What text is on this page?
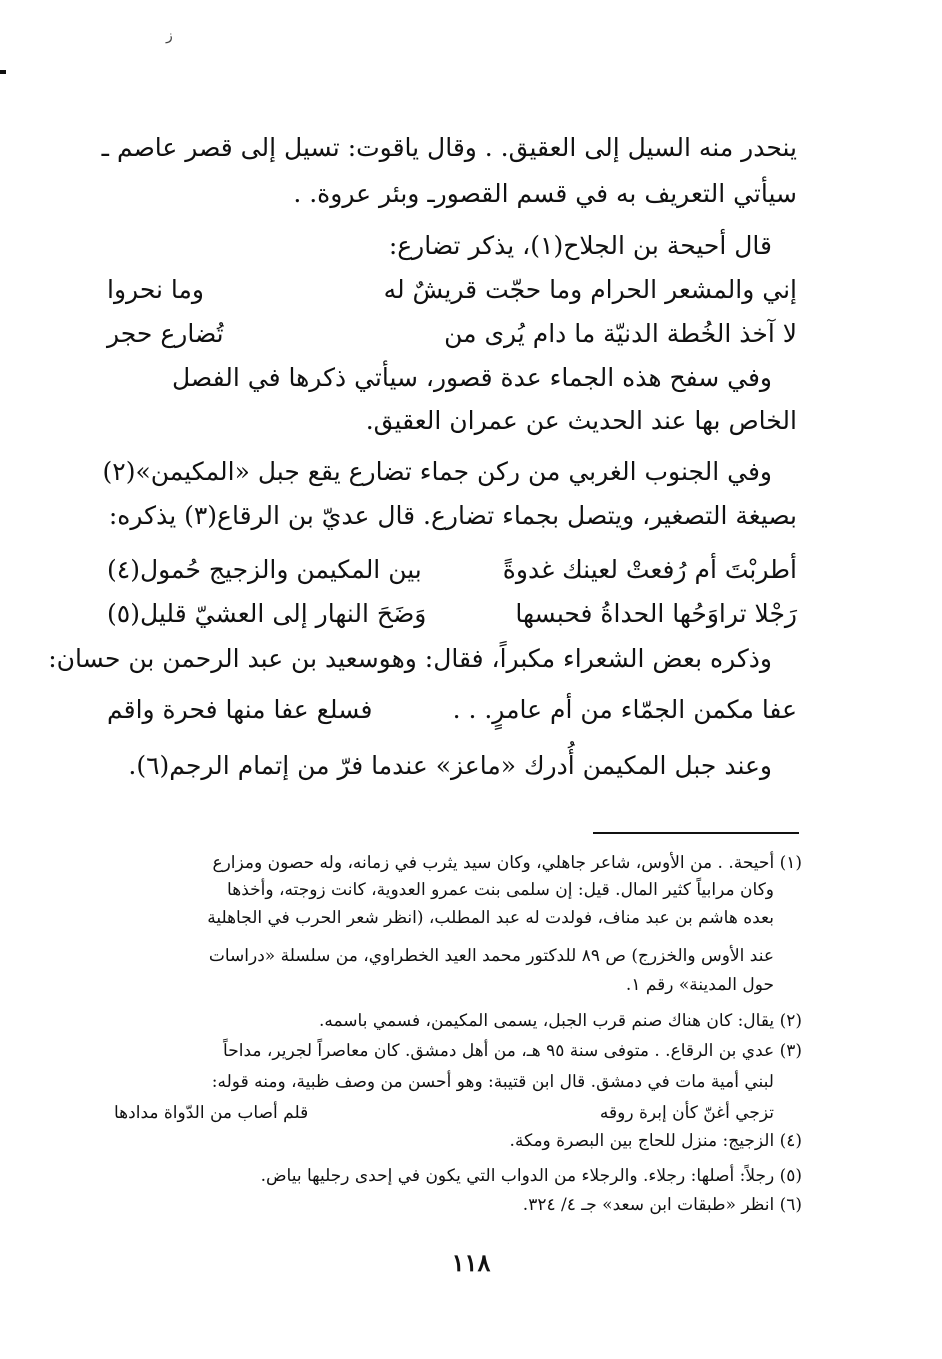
ز
ينحدر منه السيل إلى العقيق. . وقال ياقوت: تسيل إلى قصر عاصم ـ
سيأتي التعريف به في قسم القصورـ وبئر عروة. .
قال أحيحة بن الجلاح(١)، يذكر تضارع:
إني والمشعر الحرام وما حجّت قريشٌ له
وما نحروا
لا آخذ الخُطة الدنيّة ما دام يُرى من
تُضارع حجر
وفي سفح هذه الجماء عدة قصور، سيأتي ذكرها في الفصل
الخاص بها عند الحديث عن عمران العقيق.
وفي الجنوب الغربي من ركن جماء تضارع يقع جبل «المكيمن»(٢)
بصيغة التصغير، ويتصل بجماء تضارع. قال عديّ بن الرقاع(٣) يذكره:
أطربْتَ أم رُفعتْ لعينك غدوةً
بين المكيمن والزجيج حُمول(٤)
رَجْلا تراوَحُها الحداةُ فحبسها
وَضَحَ النهار إلى العشيّ قليل(٥)
وذكره بعض الشعراء مكبراً، فقال: وهوسعيد بن عبد الرحمن بن حسان:
عفا مكمن الجمّاء من أم عامرٍ. . .
فسلع عفا منها فحرة واقم
وعند جبل المكيمن أُدرك «ماعز» عندما فرّ من إتمام الرجم(٦).
(١) أحيحة. . من الأوس، شاعر جاهلي، وكان سيد يثرب في زمانه، وله حصون ومزارع
وكان مرابياً كثير المال. قيل: إن سلمى بنت عمرو العدوية، كانت زوجته، وأخذها
بعده هاشم بن عبد مناف، فولدت له عبد المطلب، (انظر شعر الحرب في الجاهلية
عند الأوس والخزرج) ص ٨٩ للدكتور محمد العيد الخطراوي، من سلسلة «دراسات
حول المدينة» رقم ١.
(٢) يقال: كان هناك صنم قرب الجبل، يسمى المكيمن، فسمي باسمه.
(٣) عدي بن الرقاع. . متوفى سنة ٩٥ هـ، من أهل دمشق. كان معاصراً لجرير، مداحاً
لبني أمية مات في دمشق. قال ابن قتيبة: وهو أحسن من وصف ظبية، ومنه قوله:
تزجي أغنّ كأن إبرة روقه
قلم أصاب من الدّواة مدادها
(٤) الزجيج: منزل للحاج بين البصرة ومكة.
(٥) رجلاً: أصلها: رجلاء. والرجلاء من الدواب التي يكون في إحدى رجليها بياض.
(٦) انظر «طبقات ابن سعد» جـ ٤/ ٣٢٤.
١١٨
